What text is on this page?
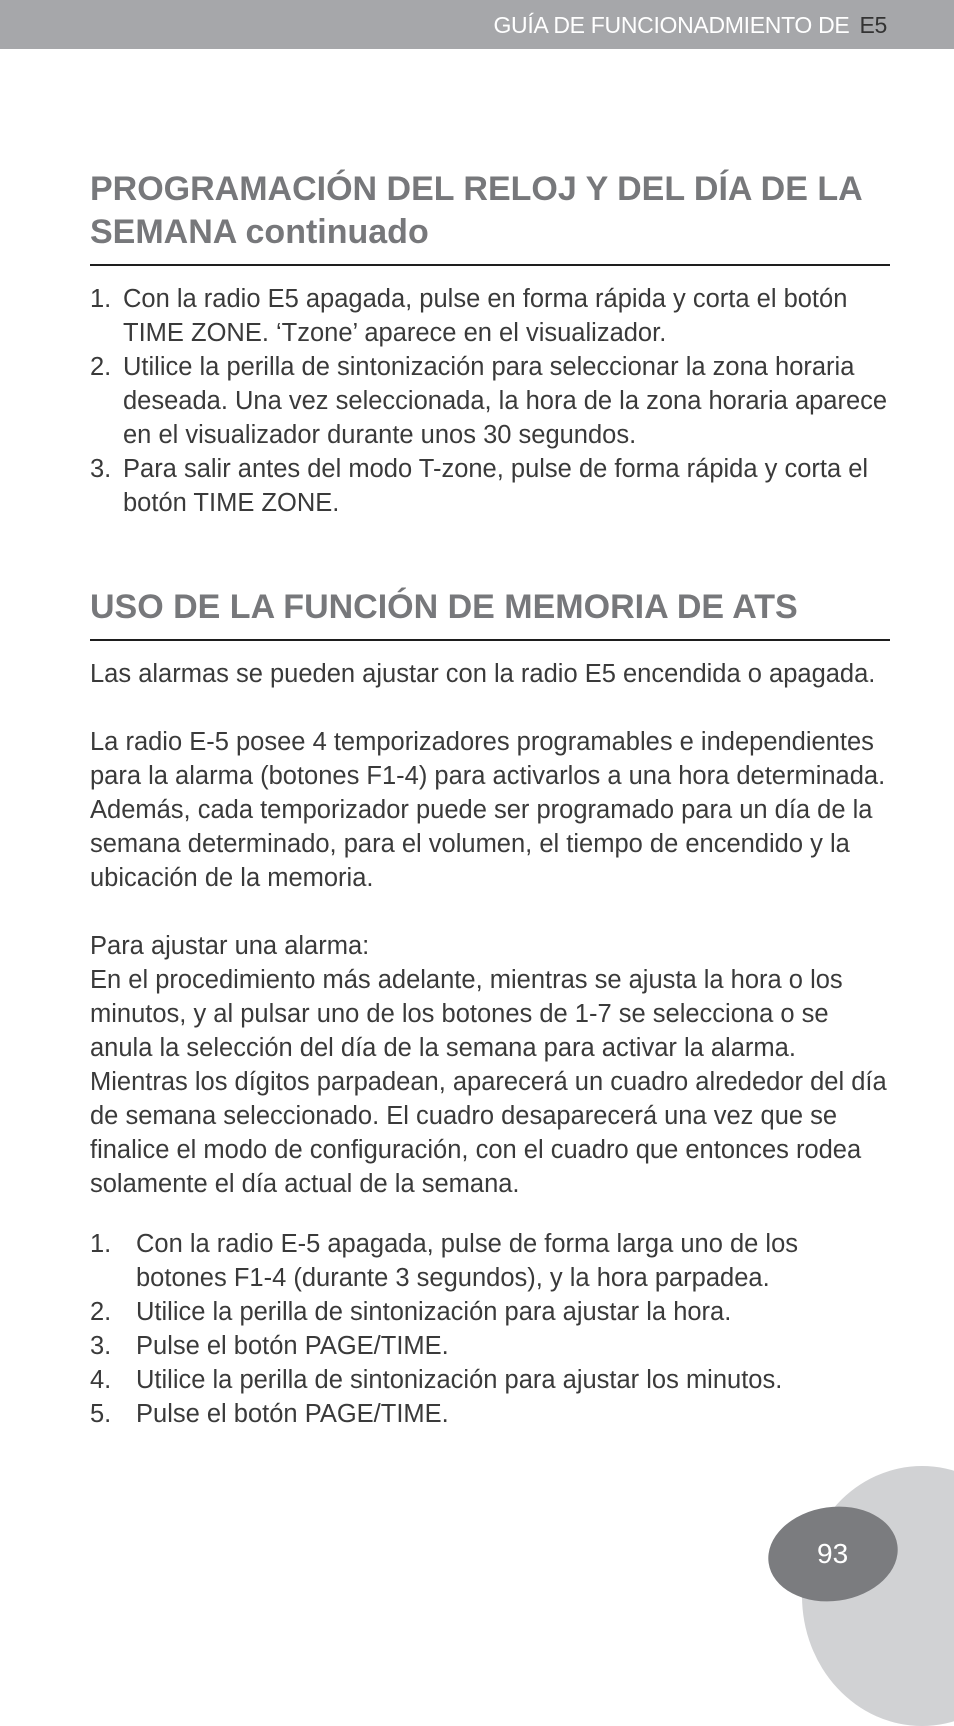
GUÍA DE FUNCIONADMIENTO DE E5
PROGRAMACIÓN DEL RELOJ Y DEL DÍA DE LA
SEMANA continuado
1. Con la radio E5 apagada, pulse en forma rápida y corta el botón TIME ZONE. ‘Tzone’ aparece en el visualizador.
2. Utilice la perilla de sintonización para seleccionar la zona horaria deseada. Una vez seleccionada, la hora de la zona horaria aparece en el visualizador durante unos 30 segundos.
3. Para salir antes del modo T-zone, pulse de forma rápida y corta el botón TIME ZONE.
USO DE LA FUNCIÓN DE MEMORIA DE ATS

Las alarmas se pueden ajustar con la radio E5 encendida o apagada.

La radio E-5 posee 4 temporizadores programables e independientes para la alarma (botones F1-4) para activarlos a una hora determinada. Además, cada temporizador puede ser programado para un día de la semana determinado, para el volumen, el tiempo de encendido y la ubicación de la memoria.

Para ajustar una alarma:

En el procedimiento más adelante, mientras se ajusta la hora o los minutos, y al pulsar uno de los botones de 1-7 se selecciona o se anula la selección del día de la semana para activar la alarma. Mientras los dígitos parpadean, aparecerá un cuadro alrededor del día de semana seleccionado. El cuadro desaparecerá una vez que se finalice el modo de configuración, con el cuadro que entonces rodea solamente el día actual de la semana.

1. Con la radio E-5 apagada, pulse de forma larga uno de los botones F1-4 (durante 3 segundos), y la hora parpadea.
2. Utilice la perilla de sintonización para ajustar la hora.
3. Pulse el botón PAGE/TIME.
4. Utilice la perilla de sintonización para ajustar los minutos.
5. Pulse el botón PAGE/TIME.
93
